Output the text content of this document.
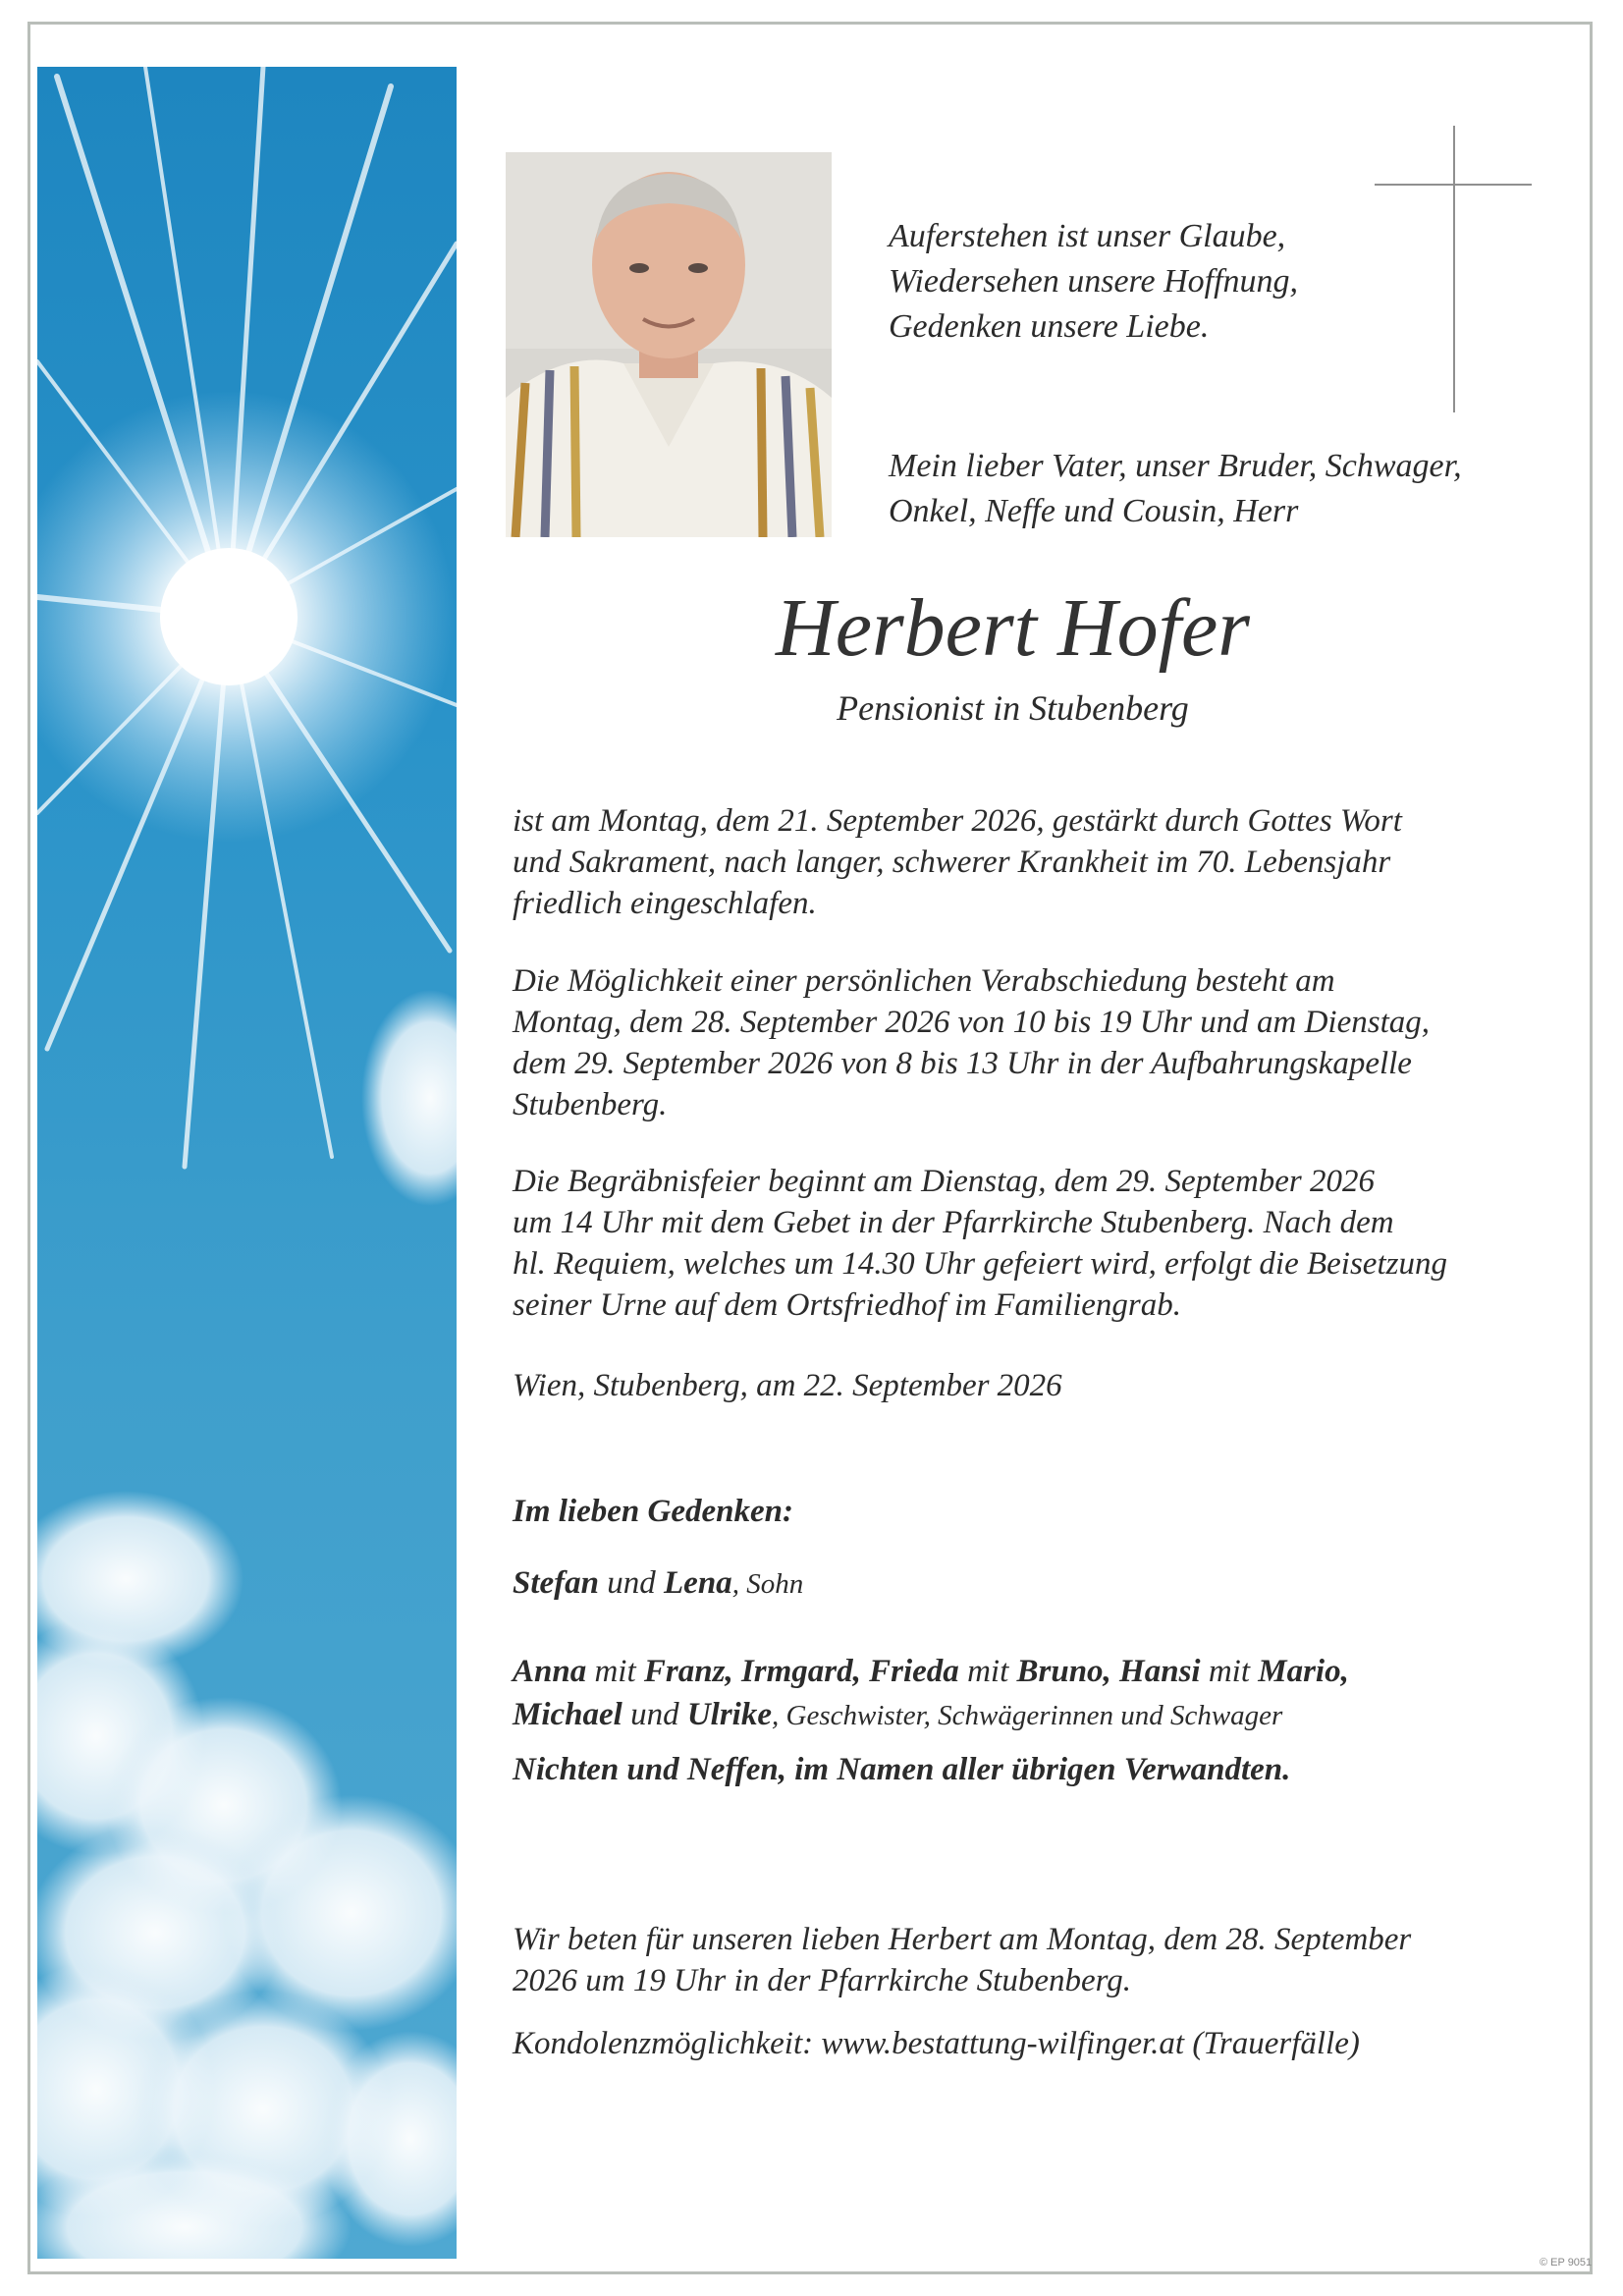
Auferstehen ist unser Glaube,
Wiedersehen unsere Hoffnung,
Gedenken unsere Liebe.
Mein lieber Vater, unser Bruder, Schwager,
Onkel, Neffe und Cousin, Herr
Herbert Hofer
Pensionist in Stubenberg
ist am Montag, dem 21. September 2026, gestärkt durch Gottes Wort
und Sakrament, nach langer, schwerer Krankheit im 70. Lebensjahr
friedlich eingeschlafen.
Die Möglichkeit einer persönlichen Verabschiedung besteht am
Montag, dem 28. September 2026 von 10 bis 19 Uhr und am Dienstag,
dem 29. September 2026 von 8 bis 13 Uhr in der Aufbahrungskapelle
Stubenberg.
Die Begräbnisfeier beginnt am Dienstag, dem 29. September 2026
um 14 Uhr mit dem Gebet in der Pfarrkirche Stubenberg. Nach dem
hl. Requiem, welches um 14.30 Uhr gefeiert wird, erfolgt die Beisetzung
seiner Urne auf dem Ortsfriedhof im Familiengrab.
Wien, Stubenberg, am 22. September 2026
Im lieben Gedenken:
Stefan und Lena, Sohn
Anna mit Franz, Irmgard, Frieda mit Bruno, Hansi mit Mario,
Michael und Ulrike, Geschwister, Schwägerinnen und Schwager
Nichten und Neffen, im Namen aller übrigen Verwandten.
Wir beten für unseren lieben Herbert am Montag, dem 28. September
2026 um 19 Uhr in der Pfarrkirche Stubenberg.
Kondolenzmöglichkeit: www.bestattung-wilfinger.at (Trauerfälle)
© EP 9051
